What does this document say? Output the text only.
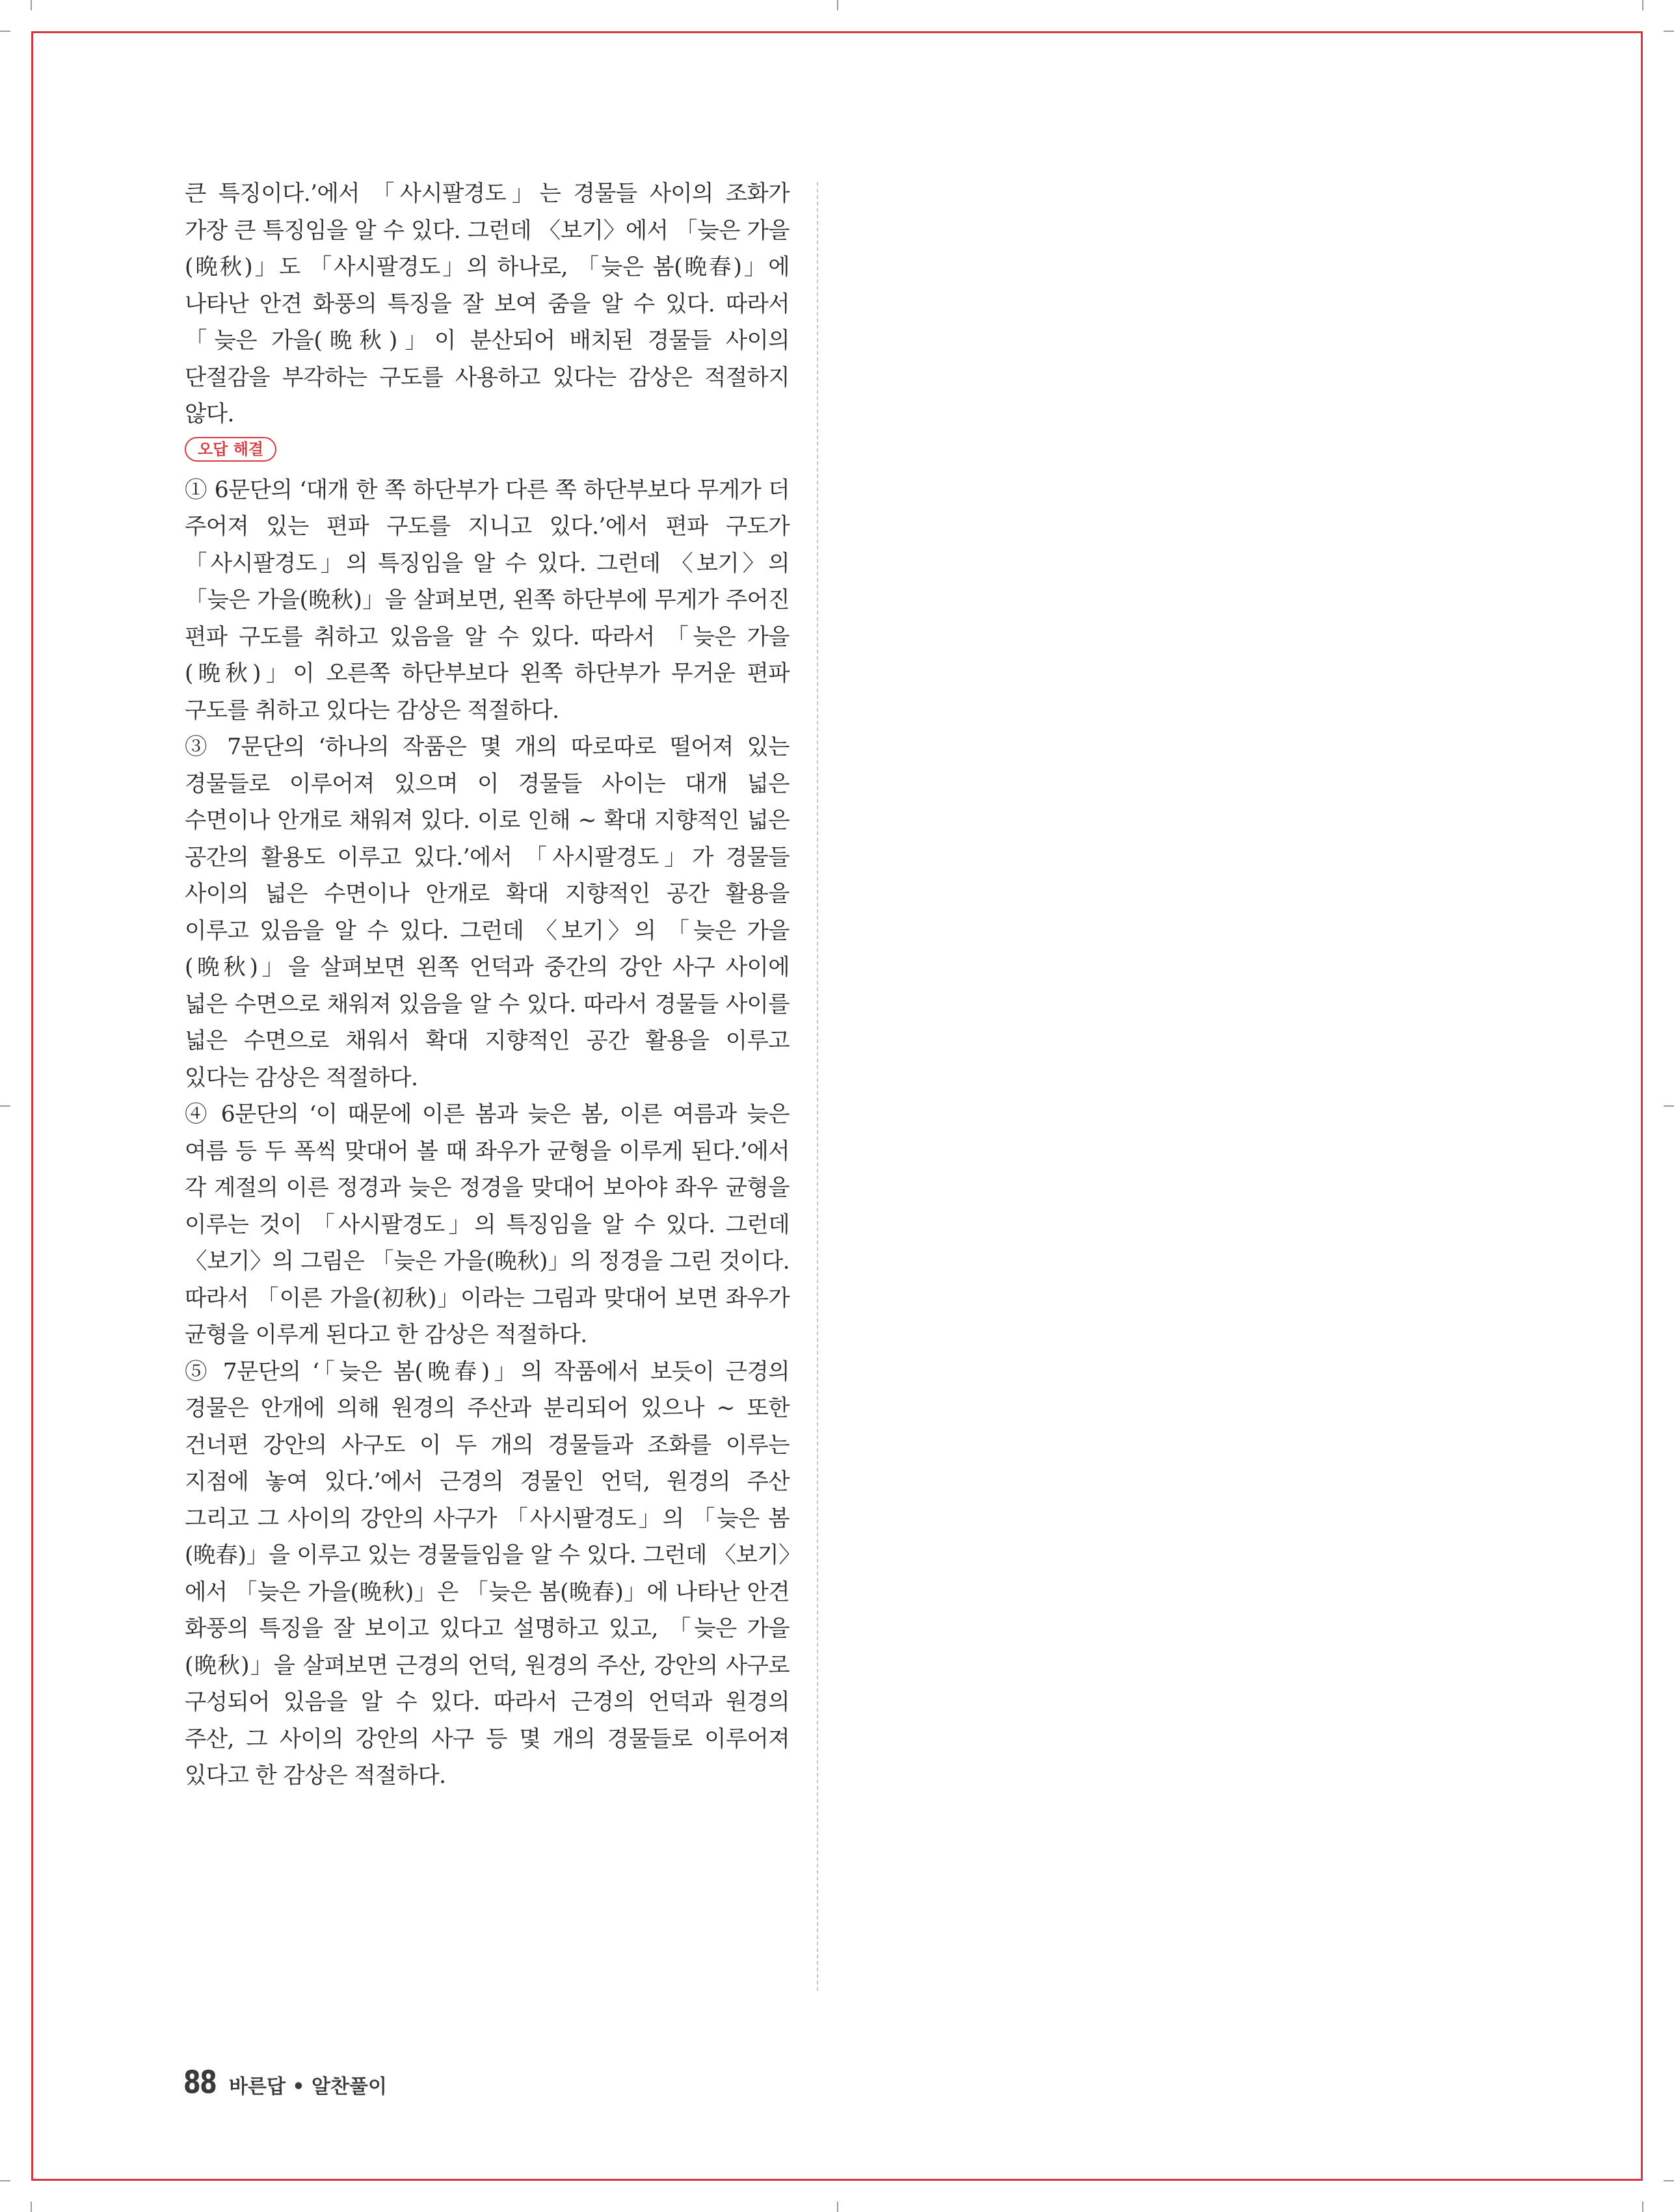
큰 특징이다.’에서 「사시팔경도」는 경물들 사이의 조화가 가장 큰 특징임을 알 수 있다. 그런데 〈보기〉에서 「늦은 가을(晩秋)」도 「사시팔경도」의 하나로, 「늦은 봄(晩春)」에 나타난 안견 화풍의 특징을 잘 보여 줌을 알 수 있다. 따라서 「늦은 가을(晩秋)」이 분산되어 배치된 경물들 사이의 단절감을 부각하는 구도를 사용하고 있다는 감상은 적절하지 않다.

오답 해결

① 6문단의 ‘대개 한 쪽 하단부가 다른 쪽 하단부보다 무게가 더 주어져 있는 편파 구도를 지니고 있다.’에서 편파 구도가 「사시팔경도」의 특징임을 알 수 있다. 그런데 〈보기〉의 「늦은 가을(晩秋)」을 살펴보면, 왼쪽 하단부에 무게가 주어진 편파 구도를 취하고 있음을 알 수 있다. 따라서 「늦은 가을(晩秋)」이 오른쪽 하단부보다 왼쪽 하단부가 무거운 편파 구도를 취하고 있다는 감상은 적절하다.

③ 7문단의 ‘하나의 작품은 몇 개의 따로따로 떨어져 있는 경물들로 이루어져 있으며 이 경물들 사이는 대개 넓은 수면이나 안개로 채워져 있다. 이로 인해 ~ 확대 지향적인 넓은 공간의 활용도 이루고 있다.’에서 「사시팔경도」가 경물들 사이의 넓은 수면이나 안개로 확대 지향적인 공간 활용을 이루고 있음을 알 수 있다. 그런데 〈보기〉의 「늦은 가을(晩秋)」을 살펴보면 왼쪽 언덕과 중간의 강안 사구 사이에 넓은 수면으로 채워져 있음을 알 수 있다. 따라서 경물들 사이를 넓은 수면으로 채워서 확대 지향적인 공간 활용을 이루고 있다는 감상은 적절하다.

④ 6문단의 ‘이 때문에 이른 봄과 늦은 봄, 이른 여름과 늦은 여름 등 두 폭씩 맞대어 볼 때 좌우가 균형을 이루게 된다.’에서 각 계절의 이른 정경과 늦은 정경을 맞대어 보아야 좌우 균형을 이루는 것이 「사시팔경도」의 특징임을 알 수 있다. 그런데 〈보기〉의 그림은 「늦은 가을(晩秋)」의 정경을 그린 것이다. 따라서 「이른 가을(初秋)」이라는 그림과 맞대어 보면 좌우가 균형을 이루게 된다고 한 감상은 적절하다.

⑤ 7문단의 ‘「늦은 봄(晩春)」의 작품에서 보듯이 근경의 경물은 안개에 의해 원경의 주산과 분리되어 있으나 ~ 또한 건너편 강안의 사구도 이 두 개의 경물들과 조화를 이루는 지점에 놓여 있다.’에서 근경의 경물인 언덕, 원경의 주산 그리고 그 사이의 강안의 사구가 「사시팔경도」의 「늦은 봄(晩春)」을 이루고 있는 경물들임을 알 수 있다. 그런데 〈보기〉에서 「늦은 가을(晩秋)」은 「늦은 봄(晩春)」에 나타난 안견 화풍의 특징을 잘 보이고 있다고 설명하고 있고, 「늦은 가을(晩秋)」을 살펴보면 근경의 언덕, 원경의 주산, 강안의 사구로 구성되어 있음을 알 수 있다. 따라서 근경의 언덕과 원경의 주산, 그 사이의 강안의 사구 등 몇 개의 경물들로 이루어져 있다고 한 감상은 적절하다.

88 바른답 • 알찬풀이
